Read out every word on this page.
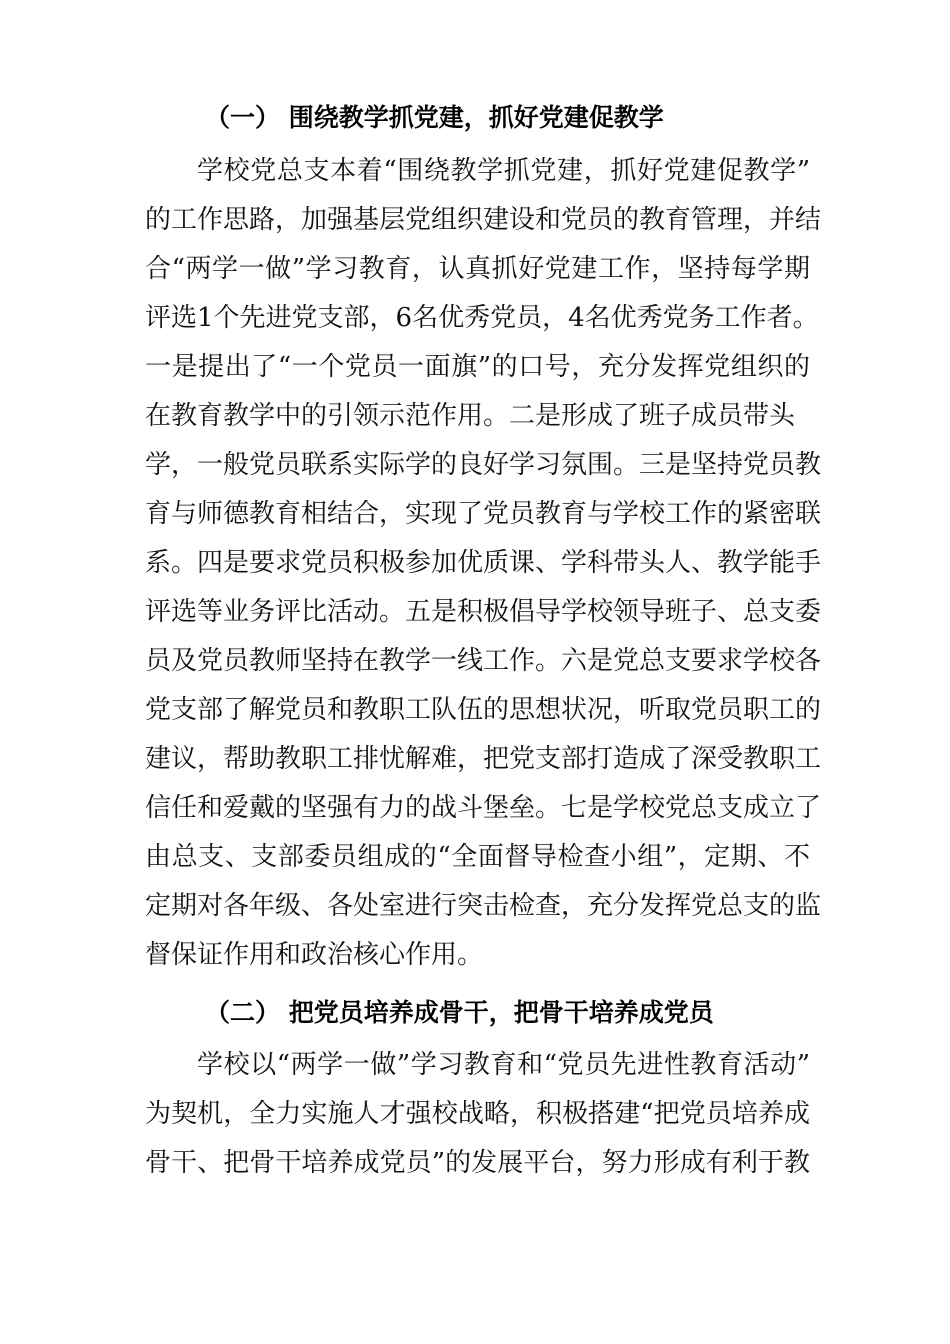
（一） 围绕教学抓党建，抓好党建促教学
学校党总支本着“围绕教学抓党建，抓好党建促教学”
的工作思路，加强基层党组织建设和党员的教育管理，并结
合“两学一做”学习教育，认真抓好党建工作，坚持每学期
评选1个先进党支部，6名优秀党员，4名优秀党务工作者。
一是提出了“一个党员一面旗”的口号，充分发挥党组织的
在教育教学中的引领示范作用。二是形成了班子成员带头
学，一般党员联系实际学的良好学习氛围。三是坚持党员教
育与师德教育相结合，实现了党员教育与学校工作的紧密联
系。四是要求党员积极参加优质课、学科带头人、教学能手
评选等业务评比活动。五是积极倡导学校领导班子、总支委
员及党员教师坚持在教学一线工作。六是党总支要求学校各
党支部了解党员和教职工队伍的思想状况，听取党员职工的
建议，帮助教职工排忧解难，把党支部打造成了深受教职工
信任和爱戴的坚强有力的战斗堡垒。七是学校党总支成立了
由总支、支部委员组成的“全面督导检查小组”，定期、不
定期对各年级、各处室进行突击检查，充分发挥党总支的监
督保证作用和政治核心作用。
（二） 把党员培养成骨干，把骨干培养成党员
学校以“两学一做”学习教育和“党员先进性教育活动”
为契机，全力实施人才强校战略，积极搭建“把党员培养成
骨干、把骨干培养成党员”的发展平台，努力形成有利于教
